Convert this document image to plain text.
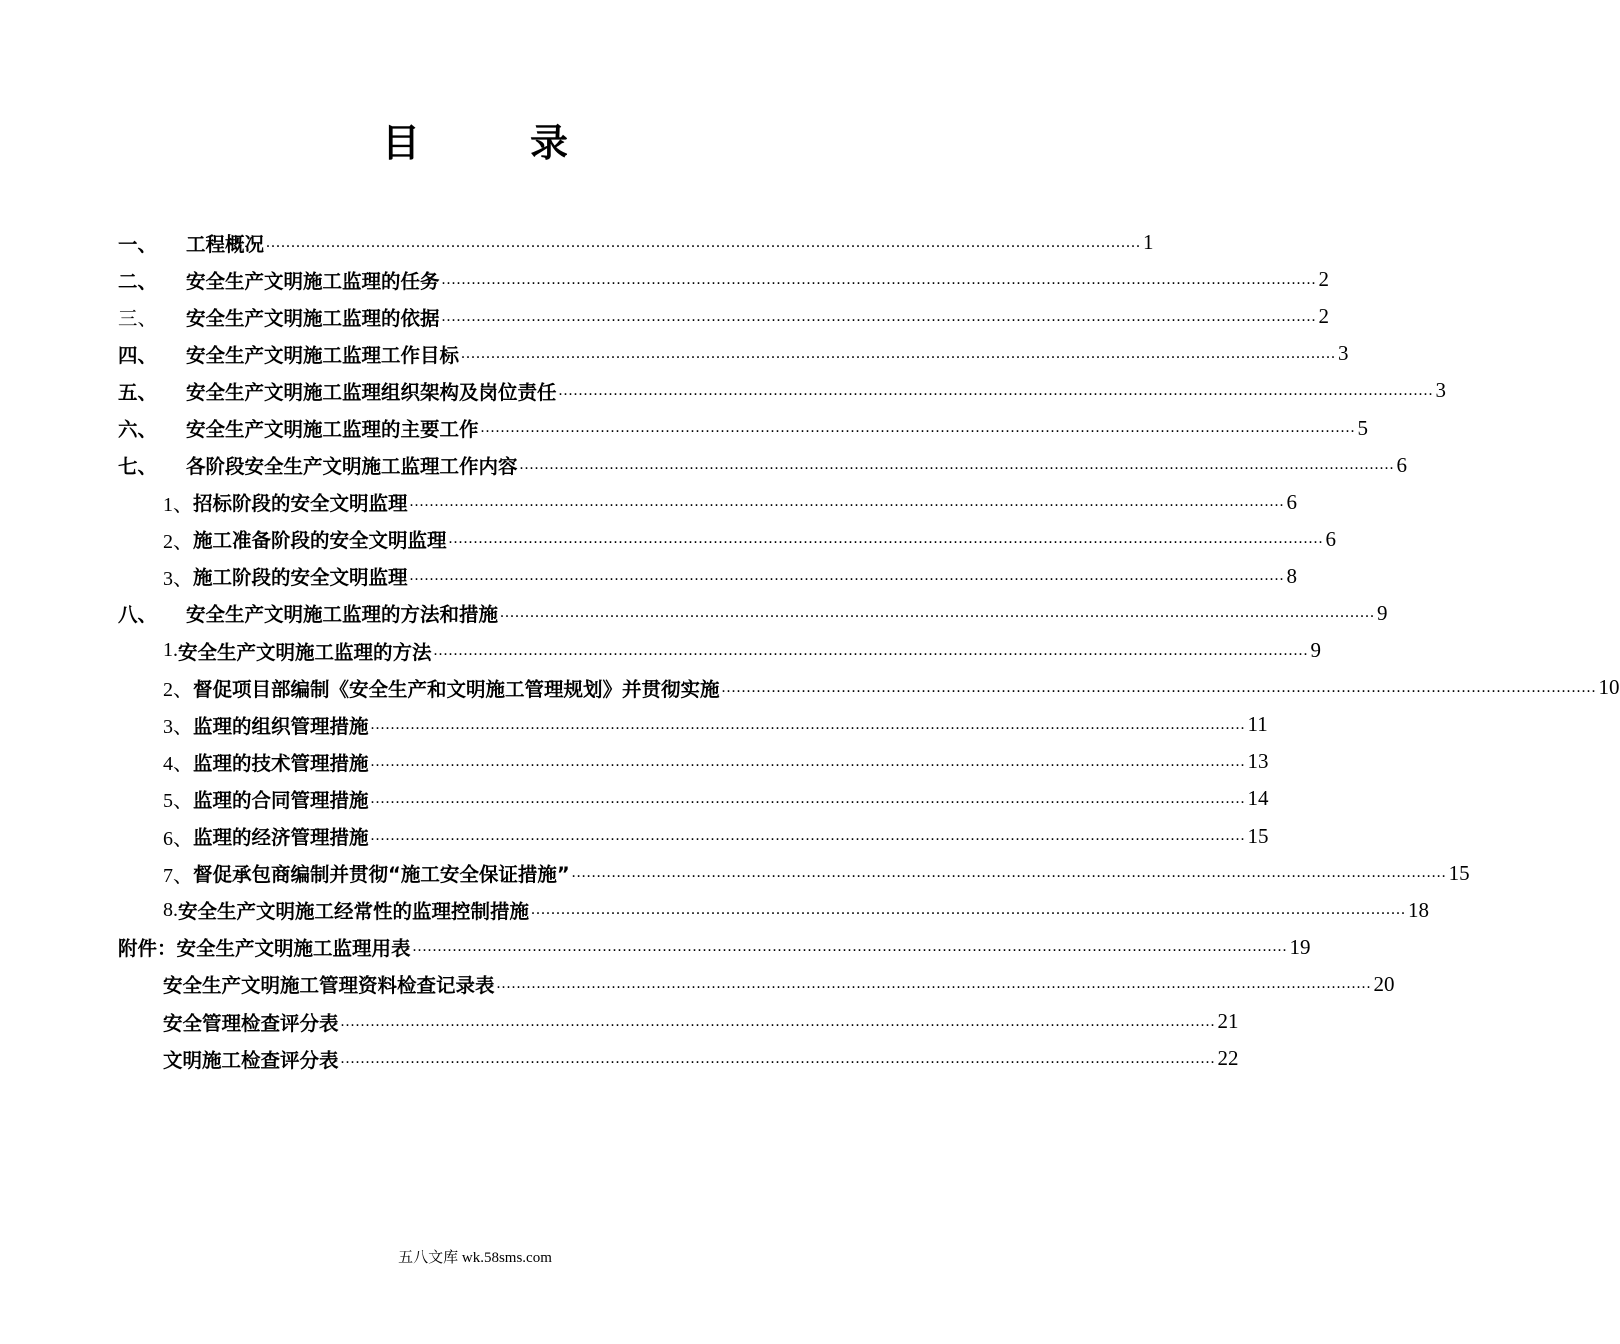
目　录
一、	工程概况 .....	1
二、	安全生产文明施工监理的任务 .....	2
三、	安全生产文明施工监理的依据 .....	2
四、	安全生产文明施工监理工作目标 .....	3
五、	安全生产文明施工监理组织架构及岗位责任 .....	3
六、	安全生产文明施工监理的主要工作 .....	5
七、	各阶段安全生产文明施工监理工作内容 .....	6
1、 招标阶段的安全文明监理 .....	6
2、 施工准备阶段的安全文明监理 .....	6
3、 施工阶段的安全文明监理 .....	8
八、	安全生产文明施工监理的方法和措施 .....	9
1. 安全生产文明施工监理的方法 .....	9
2、 督促项目部编制《安全生产和文明施工管理规划》并贯彻实施 .....	10
3、 监理的组织管理措施 .....	11
4、 监理的技术管理措施 .....	13
5、 监理的合同管理措施 .....	14
6、 监理的经济管理措施 .....	15
7、 督促承包商编制并贯彻“施工安全保证措施” .....	15
8. 安全生产文明施工经常性的监理控制措施 .....	18
附件：安全生产文明施工监理用表 .....	19
安全生产文明施工管理资料检查记录表 .....	20
安全管理检查评分表 .....	21
文明施工检查评分表 .....	22
五八文库 wk.58sms.com
